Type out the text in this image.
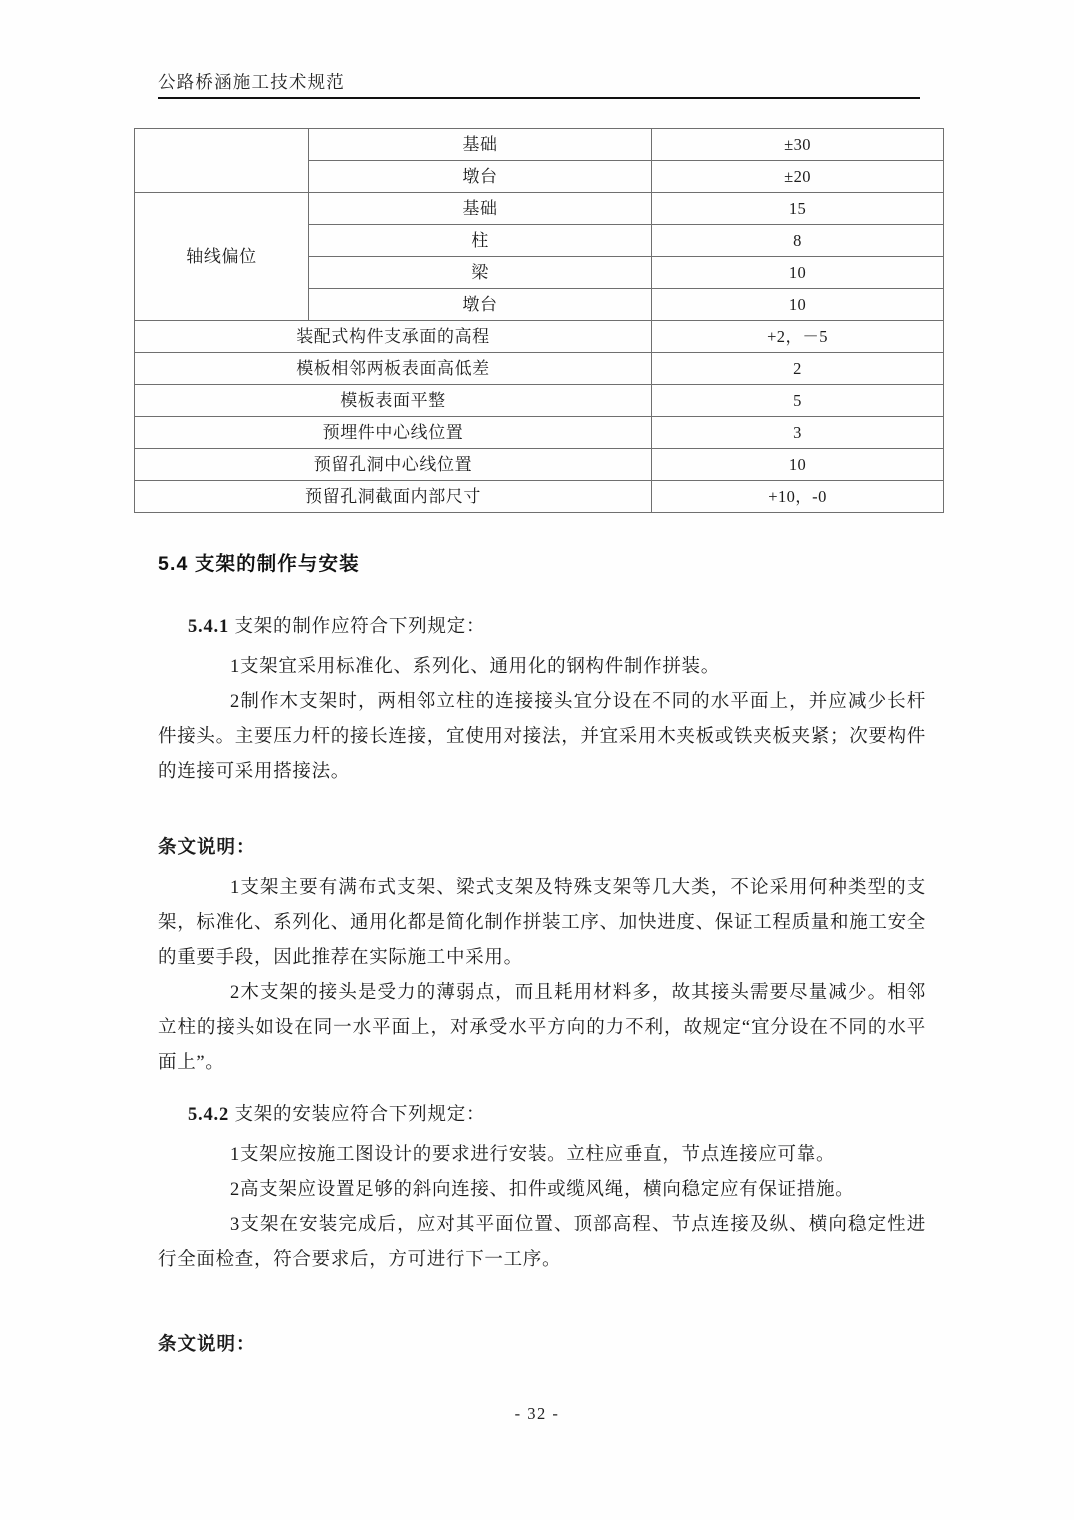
公路桥涵施工技术规范
	基础	±30
	墩台	±20
轴线偏位	基础	15
	柱	8
	梁	10
	墩台	10
装配式构件支承面的高程		+2，－5
模板相邻两板表面高低差		2
模板表面平整		5
预埋件中心线位置		3
预留孔洞中心线位置		10
预留孔洞截面内部尺寸		+10，-0
5.4 支架的制作与安装
5.4.1 支架的制作应符合下列规定：
1支架宜采用标准化、系列化、通用化的钢构件制作拼装。
2制作木支架时，两相邻立柱的连接接头宜分设在不同的水平面上，并应减少长杆件接头。主要压力杆的接长连接，宜使用对接法，并宜采用木夹板或铁夹板夹紧；次要构件的连接可采用搭接法。
条文说明：
1支架主要有满布式支架、梁式支架及特殊支架等几大类，不论采用何种类型的支架，标准化、系列化、通用化都是简化制作拼装工序、加快进度、保证工程质量和施工安全的重要手段，因此推荐在实际施工中采用。
2木支架的接头是受力的薄弱点，而且耗用材料多，故其接头需要尽量减少。相邻立柱的接头如设在同一水平面上，对承受水平方向的力不利，故规定“宜分设在不同的水平面上”。
5.4.2 支架的安装应符合下列规定：
1支架应按施工图设计的要求进行安装。立柱应垂直，节点连接应可靠。
2高支架应设置足够的斜向连接、扣件或缆风绳，横向稳定应有保证措施。
3支架在安装完成后，应对其平面位置、顶部高程、节点连接及纵、横向稳定性进行全面检查，符合要求后，方可进行下一工序。
条文说明：
- 32 -
